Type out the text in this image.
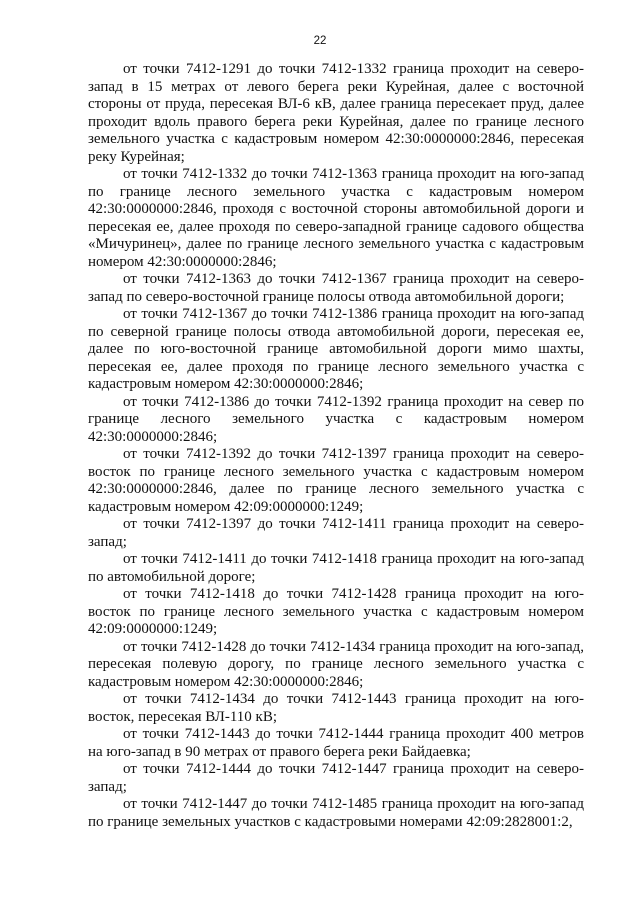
22

от точки 7412-1291 до точки 7412-1332 граница проходит на северо-запад в 15 метрах от левого берега реки Курейная, далее с восточной стороны от пруда, пересекая ВЛ-6 кВ, далее граница пересекает пруд, далее проходит вдоль правого берега реки Курейная, далее по границе лесного земельного участка с кадастровым номером 42:30:0000000:2846, пересекая реку Курейная;

от точки 7412-1332 до точки 7412-1363 граница проходит на юго-запад по границе лесного земельного участка с кадастровым номером 42:30:0000000:2846, проходя с восточной стороны автомобильной дороги и пересекая ее, далее проходя по северо-западной границе садового общества «Мичуринец», далее по границе лесного земельного участка с кадастровым номером 42:30:0000000:2846;

от точки 7412-1363 до точки 7412-1367 граница проходит на северо-запад по северо-восточной границе полосы отвода автомобильной дороги;

от точки 7412-1367 до точки 7412-1386 граница проходит на юго-запад по северной границе полосы отвода автомобильной дороги, пересекая ее, далее по юго-восточной границе автомобильной дороги мимо шахты, пересекая ее, далее проходя по границе лесного земельного участка с кадастровым номером 42:30:0000000:2846;

от точки 7412-1386 до точки 7412-1392 граница проходит на север по границе лесного земельного участка с кадастровым номером 42:30:0000000:2846;

от точки 7412-1392 до точки 7412-1397 граница проходит на северо-восток по границе лесного земельного участка с кадастровым номером 42:30:0000000:2846, далее по границе лесного земельного участка с кадастровым номером 42:09:0000000:1249;

от точки 7412-1397 до точки 7412-1411 граница проходит на северо-запад;

от точки 7412-1411 до точки 7412-1418 граница проходит на юго-запад по автомобильной дороге;

от точки 7412-1418 до точки 7412-1428 граница проходит на юго-восток по границе лесного земельного участка с кадастровым номером 42:09:0000000:1249;

от точки 7412-1428 до точки 7412-1434 граница проходит на юго-запад, пересекая полевую дорогу, по границе лесного земельного участка с кадастровым номером 42:30:0000000:2846;

от точки 7412-1434 до точки 7412-1443 граница проходит на юго-восток, пересекая ВЛ-110 кВ;

от точки 7412-1443 до точки 7412-1444 граница проходит 400 метров на юго-запад в 90 метрах от правого берега реки Байдаевка;

от точки 7412-1444 до точки 7412-1447 граница проходит на северо-запад;

от точки 7412-1447 до точки 7412-1485 граница проходит на юго-запад по границе земельных участков с кадастровыми номерами 42:09:2828001:2,
